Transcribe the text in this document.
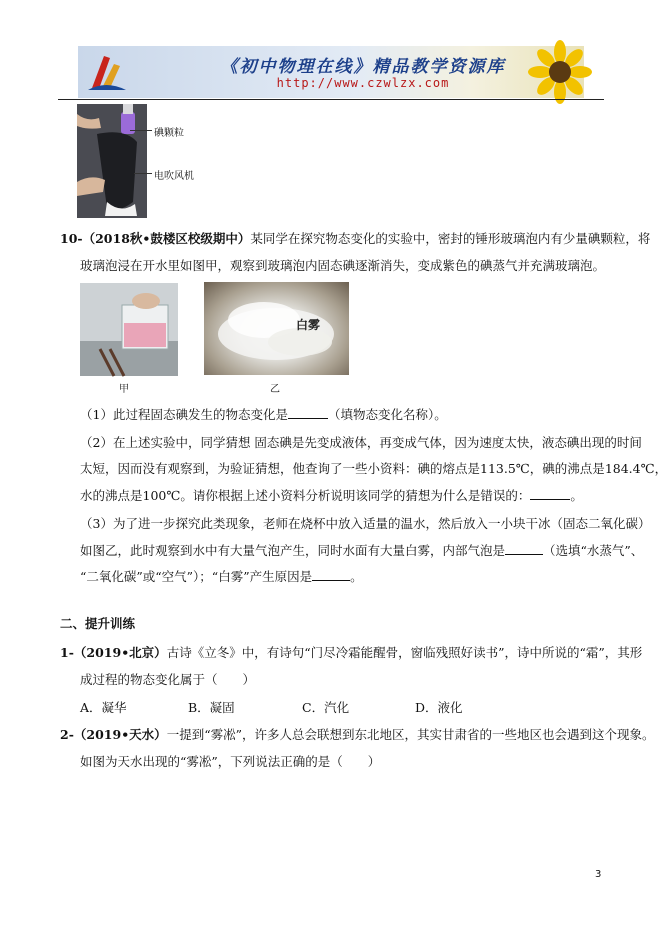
《初中物理在线》精品教学资源库
http://www.czwlzx.com
碘颗粒
电吹风机
10-（2018秋•鼓楼区校级期中）某同学在探究物态变化的实验中，密封的锤形玻璃泡内有少量碘颗粒，将
玻璃泡浸在开水里如图甲，观察到玻璃泡内固态碘逐渐消失，变成紫色的碘蒸气并充满玻璃泡。
白雾
甲	乙
（1）此过程固态碘发生的物态变化是	（填物态变化名称）。
（2）在上述实验中，同学猜想 固态碘是先变成液体，再变成气体，因为速度太快，液态碘出现的时间
太短，因而没有观察到，为验证猜想，他查询了一些小资料：碘的熔点是113.5℃，碘的沸点是184.4℃，
水的沸点是100℃。请你根据上述小资料分析说明该同学的猜想为什么是错误的：	。
（3）为了进一步探究此类现象，老师在烧杯中放入适量的温水，然后放入一小块干冰（固态二氧化碳）
如图乙，此时观察到水中有大量气泡产生，同时水面有大量白雾，内部气泡是	（选填“水蒸气”、
“二氧化碳”或“空气”）；“白雾”产生原因是	。
二、提升训练
1-（2019•北京）古诗《立冬》中，有诗句“门尽冷霜能醒骨，窗临残照好读书”，诗中所说的“霜”，其形
成过程的物态变化属于（　　）
A．凝华	B．凝固	C．汽化	D．液化
2-（2019•天水）一提到“雾凇”，许多人总会联想到东北地区，其实甘肃省的一些地区也会遇到这个现象。
如图为天水出现的“雾凇”，下列说法正确的是（　　）
3
